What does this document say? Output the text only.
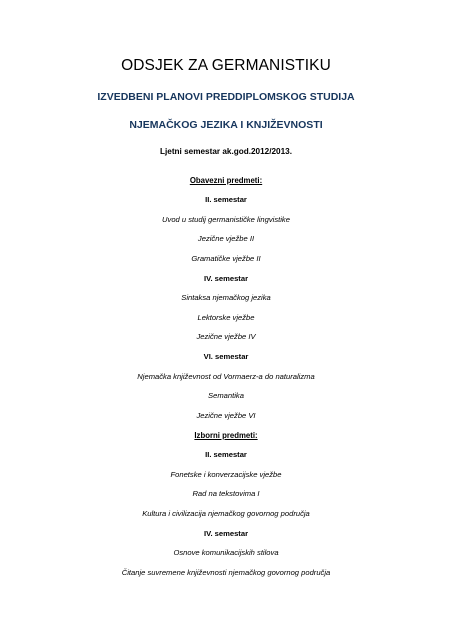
ODSJEK ZA GERMANISTIKU
IZVEDBENI PLANOVI PREDDIPLOMSKOG STUDIJA
NJEMAČKOG JEZIKA I KNJIŽEVNOSTI
Ljetni semestar ak.god.2012/2013.
Obavezni predmeti:
II. semestar
Uvod u studij germanističke lingvistike
Jezične vježbe II
Gramatičke vježbe II
IV. semestar
Sintaksa njemačkog jezika
Lektorske vježbe
Jezične vježbe IV
VI. semestar
Njemačka književnost od Vormaerz-a do naturalizma
Semantika
Jezične vježbe VI
Izborni predmeti:
II. semestar
Fonetske i konverzacijske vježbe
Rad na tekstovima I
Kultura i civilizacija njemačkog govornog područja
IV. semestar
Osnove komunikacijskih stilova
Čitanje suvremene književnosti njemačkog govornog područja
